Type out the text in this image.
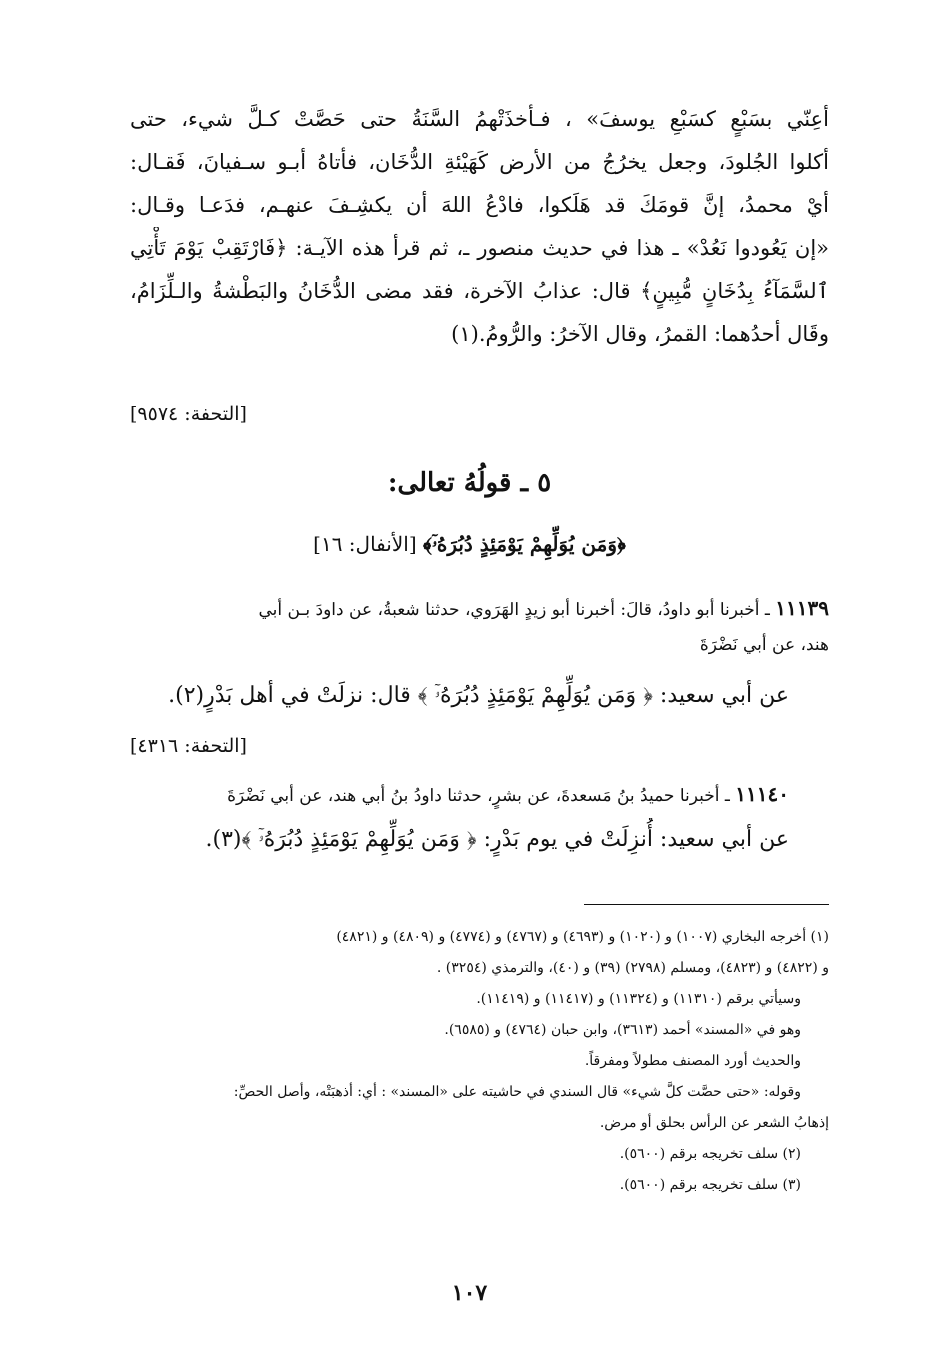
أعِنّي بسَبْعٍ كسَبْعِ يوسفَ» ، فـأخذَتْهمُ السَّنَةُ حتى حَصَّتْ كـلَّ شيء، حتى
أكلوا الجُلودَ، وجعل يخرُجُ من الأرض كَهَيْئةِ الدُّخَان، فأتاهُ أبـو سـفيانَ، فَقـال:
أيْ محمدُ، إنَّ قومَكَ قد هَلَكوا، فادْعُ اللهَ أن يكشِـفَ عنهـم، فدَعـا وقـال:
«إن يَعُودوا نَعُدْ» ـ هذا في حديث منصور ـ، ثم قرأ هذه الآيـة: ﴿فَارْتَقِبْ يَوْمَ تَأْتِي
ٱلسَّمَآءُ بِدُخَانٍ مُّبِينٍ﴾ قال: عذابُ الآخرة، فقد مضى الدُّخَانُ والبَطْشةُ والـلِّزَامُ،
وقَال أحدُهما: القمرُ، وقال الآخرُ: والرُّومُ.(١)
[التحفة: ٩٥٧٤]
٥ ـ قولُهُ تعالى:
﴿وَمَن يُوَلِّهِمْ يَوْمَئِذٍ دُبُرَهُۥٓ﴾ [الأنفال: ١٦]
١١١٣٩ ـ أخبرنا أبو داودُ، قالَ: أخبرنا أبو زيدٍ الهَرَوي، حدثنا شعبةُ، عن داودَ بـن أبي
هند، عن أبي نَضْرَةَ
عن أبي سعيد: ﴿ وَمَن يُوَلِّهِمْ يَوْمَئِذٍ دُبُرَهُۥٓ ﴾ قال: نزلَتْ في أهل بَدْرٍ(٢).
[التحفة: ٤٣١٦]
١١١٤٠ ـ أخبرنا حميدُ بنُ مَسعدةَ، عن بشرٍ، حدثنا داودُ بنُ أبي هند، عن أبي نَضْرَةَ
عن أبي سعيد: أُنزِلَتْ في يوم بَدْرٍ: ﴿ وَمَن يُوَلِّهِمْ يَوْمَئِذٍ دُبُرَهُۥٓ ﴾(٣).
(١) أخرجه البخاري (١٠٠٧) و (١٠٢٠) و (٤٦٩٣) و (٤٧٦٧) و (٤٧٧٤) و (٤٨٠٩) و (٤٨٢١)
و (٤٨٢٢) و (٤٨٢٣)، ومسلم (٢٧٩٨) (٣٩) و (٤٠)، والترمذي (٣٢٥٤) .
وسيأتي برقم (١١٣١٠) و (١١٣٢٤) و (١١٤١٧) و (١١٤١٩).
وهو في «المسند» أحمد (٣٦١٣)، وابن حبان (٤٧٦٤) و (٦٥٨٥).
والحديث أورد المصنف مطولاً ومفرقاً.
وقوله: «حتى حصَّت كلَّ شيء» قال السندي في حاشيته على «المسند» : أي: أذهبَتْه، وأصل الحصِّ:
إذهابُ الشعر عن الرأس بحلق أو مرض.
(٢) سلف تخريجه برقم (٥٦٠٠).
(٣) سلف تخريجه برقم (٥٦٠٠).
١٠٧
